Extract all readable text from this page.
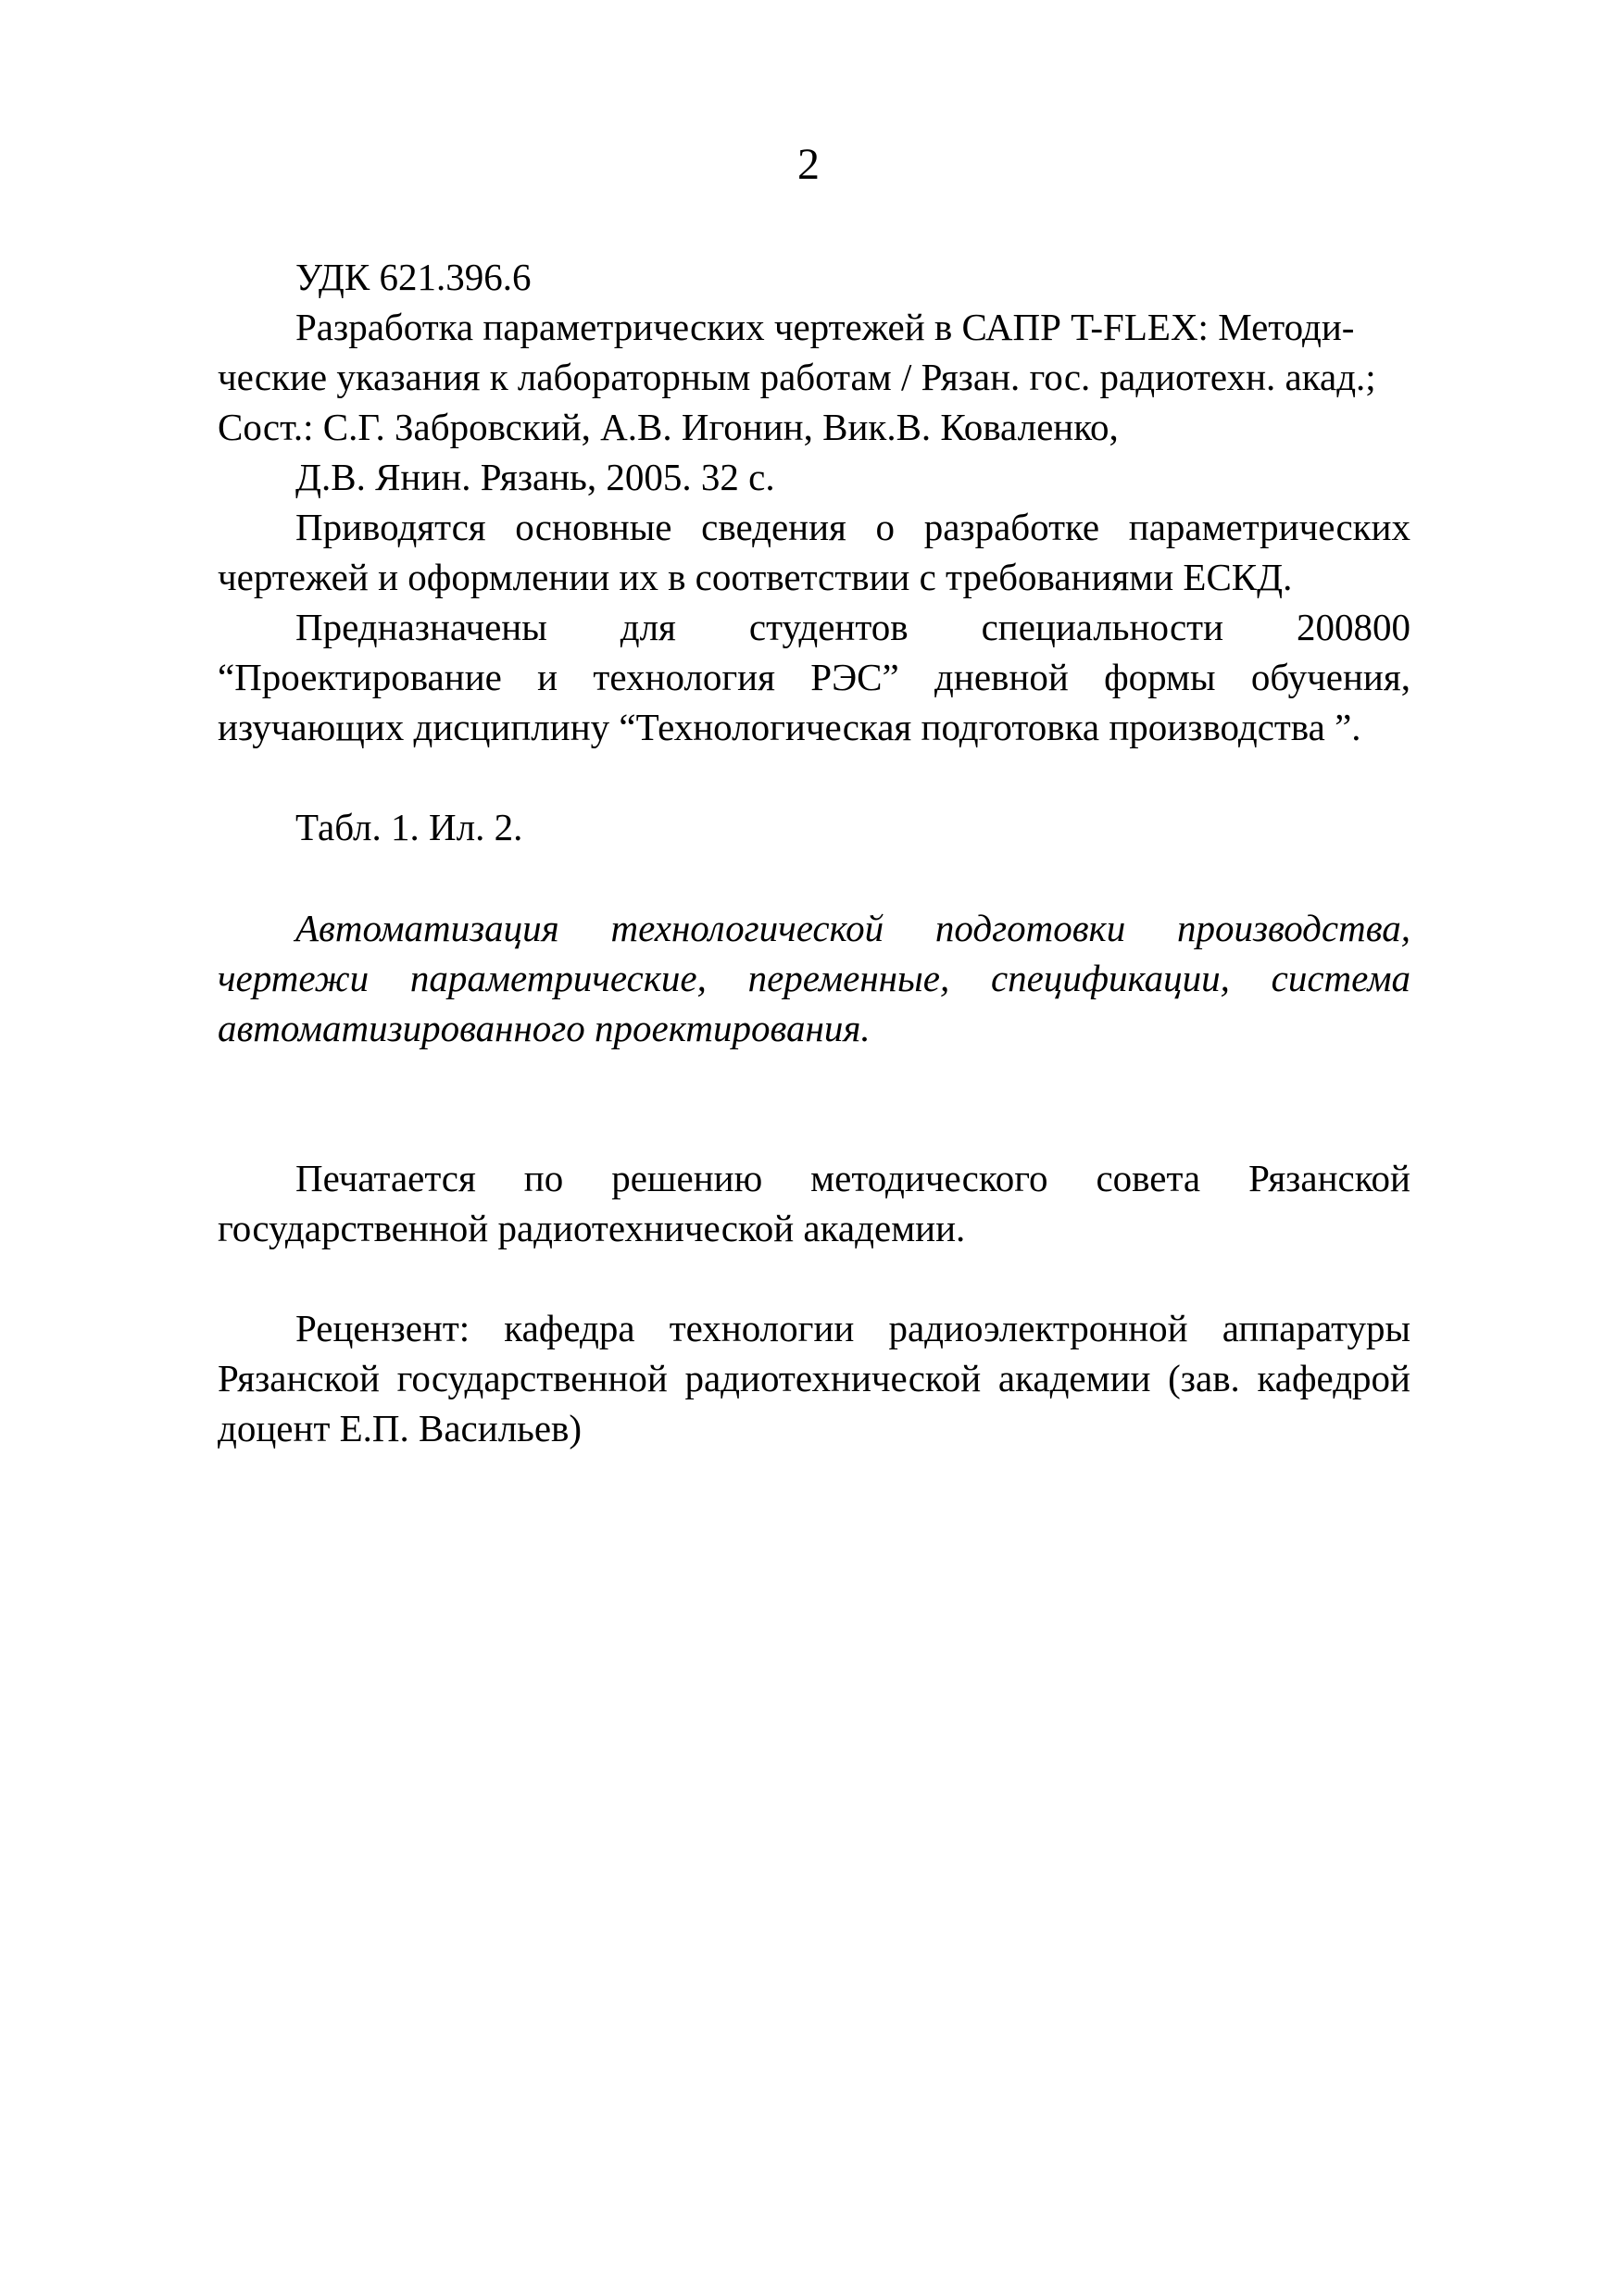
2

УДК 621.396.6

Разработка параметрических чертежей в САПР T-FLEX: Методи-

ческие указания к лабораторным работам / Рязан. гос. радиотехн. акад.;

Сост.: С.Г. Забровский, А.В. Игонин, Вик.В. Коваленко,

Д.В. Янин. Рязань, 2005. 32 с.

Приводятся основные сведения о разработке параметрических чертежей и оформлении их в соответствии с требованиями ЕСКД.

Предназначены для студентов специальности 200800 “Проектирование и технология РЭС” дневной формы обучения, изучающих дисциплину “Технологическая подготовка производства ”.

Табл. 1. Ил. 2.

Автоматизация технологической подготовки производства, чертежи параметрические, переменные, спецификации, система автоматизированного проектирования.

Печатается по решению методического совета Рязанской государственной радиотехнической академии.

Рецензент: кафедра технологии радиоэлектронной аппаратуры Рязанской государственной радиотехнической академии (зав. кафедрой доцент Е.П. Васильев)
